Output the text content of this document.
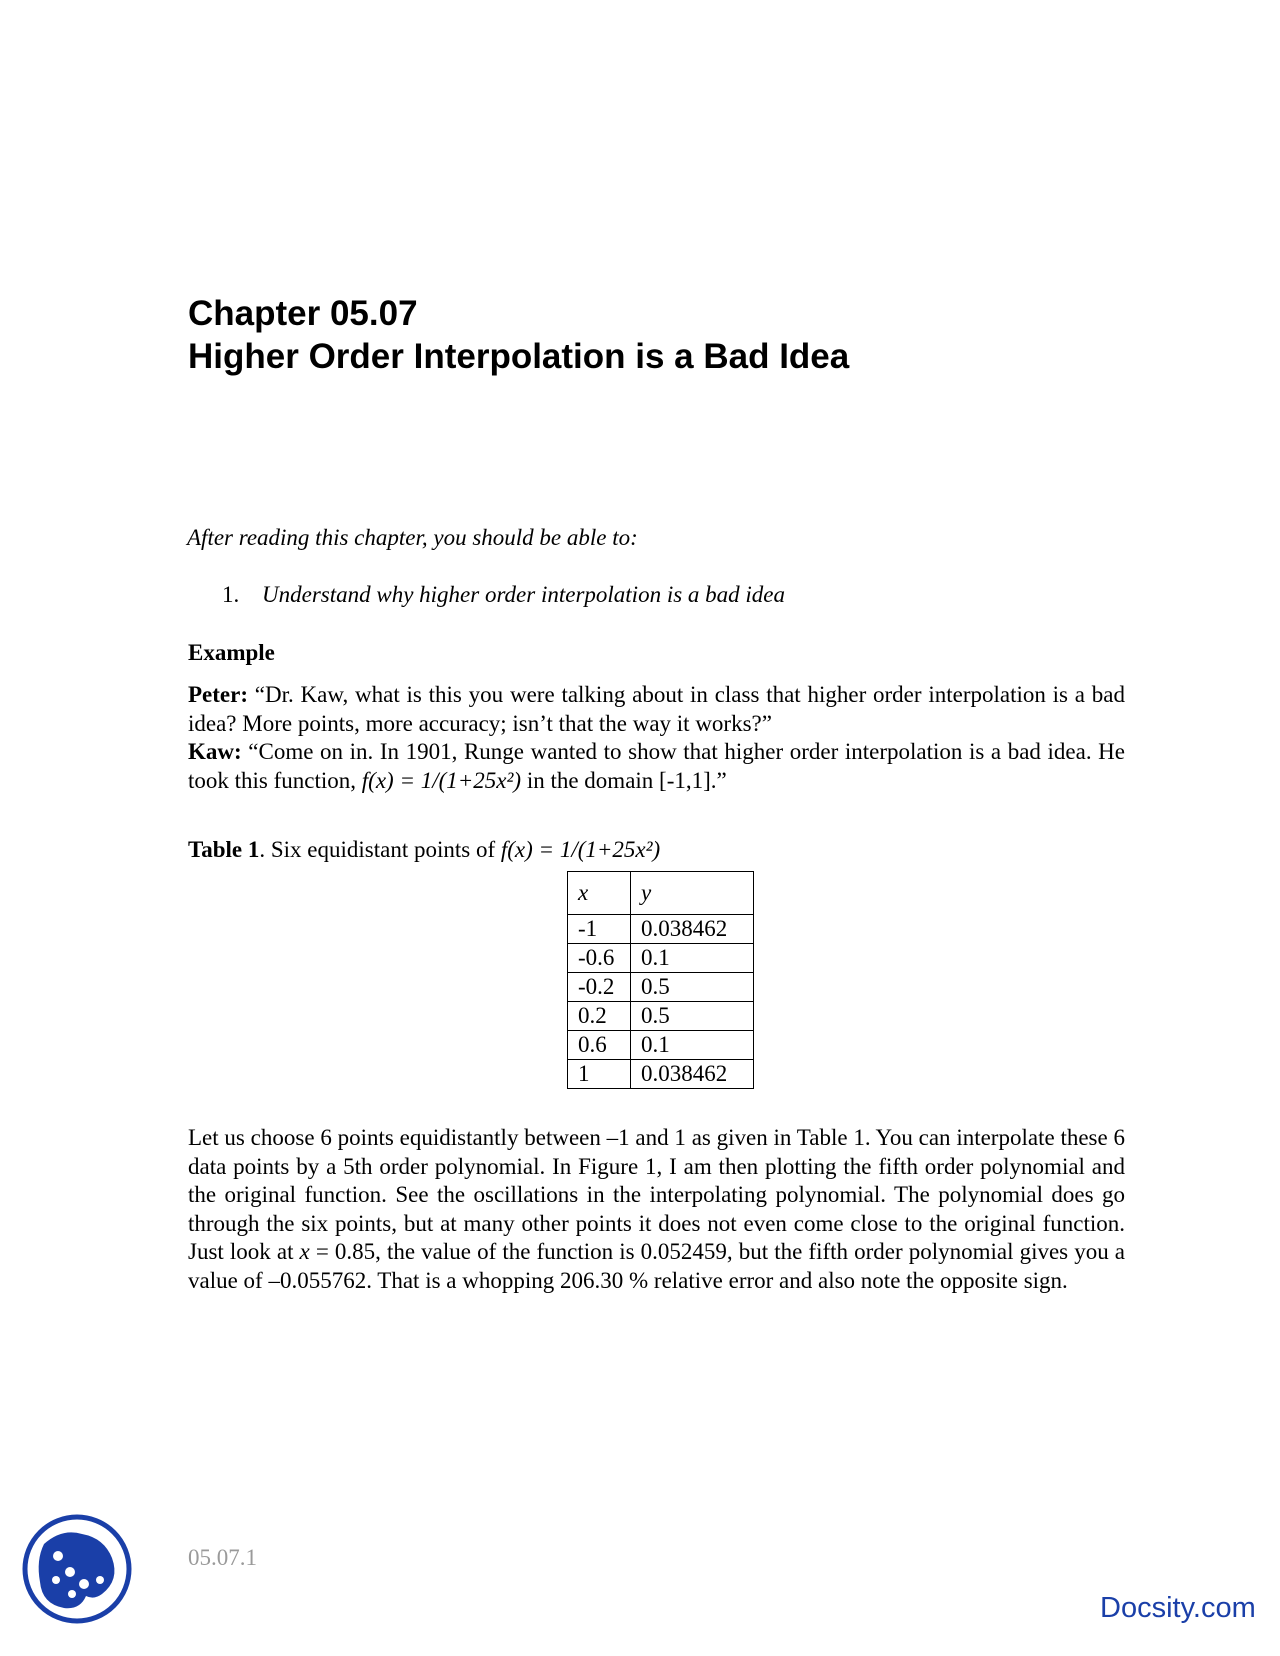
Chapter 05.07
Higher Order Interpolation is a Bad Idea

After reading this chapter, you should be able to:

1. Understand why higher order interpolation is a bad idea
Example
Peter: “Dr. Kaw, what is this you were talking about in class that higher order interpolation is a bad idea? More points, more accuracy; isn’t that the way it works?”
Kaw: “Come on in. In 1901, Runge wanted to show that higher order interpolation is a bad idea. He took this function, f(x) = 1/(1+25x²) in the domain [-1,1].”

Table 1. Six equidistant points of f(x) = 1/(1+25x²)

x	y
-1	0.038462
-0.6	0.1
-0.2	0.5
0.2	0.5
0.6	0.1
1	0.038462

Let us choose 6 points equidistantly between –1 and 1 as given in Table 1. You can interpolate these 6 data points by a 5th order polynomial. In Figure 1, I am then plotting the fifth order polynomial and the original function. See the oscillations in the interpolating polynomial. The polynomial does go through the six points, but at many other points it does not even come close to the original function. Just look at x = 0.85, the value of the function is 0.052459, but the fifth order polynomial gives you a value of –0.055762. That is a whopping 206.30 % relative error and also note the opposite sign.

05.07.1

Docsity.com
